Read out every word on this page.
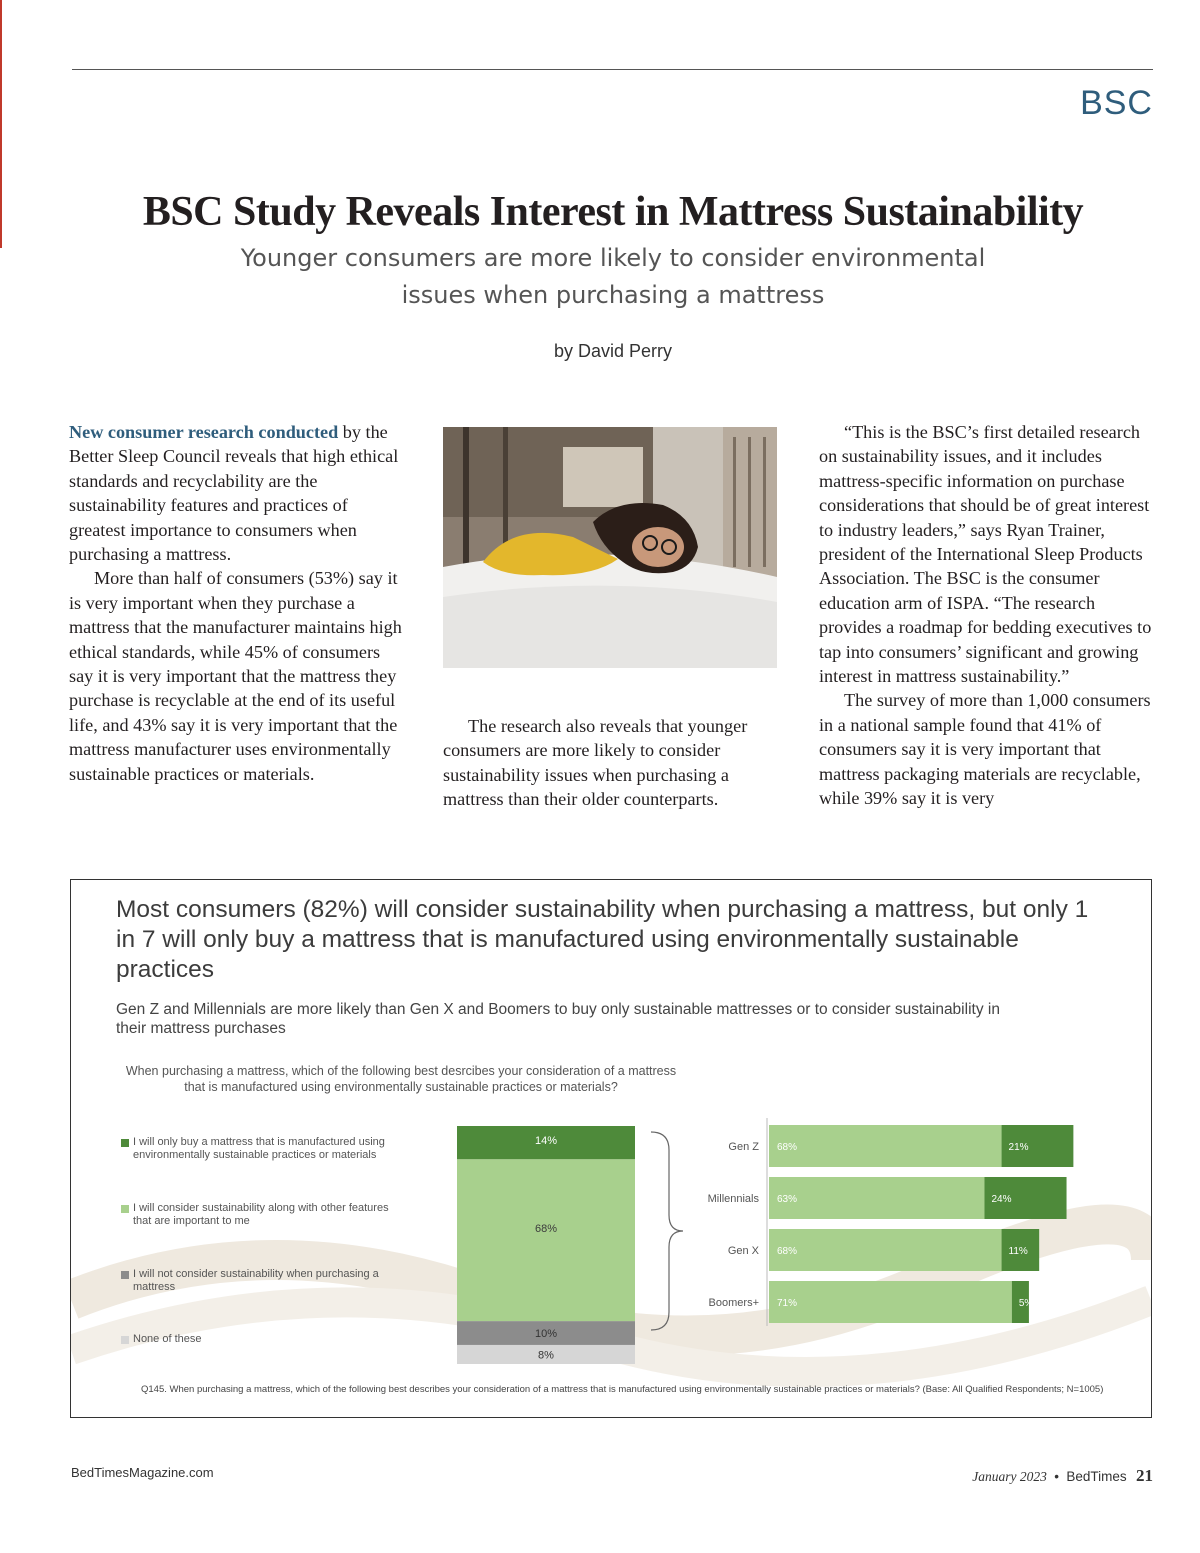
BSC
BSC Study Reveals Interest in Mattress Sustainability
Younger consumers are more likely to consider environmental
issues when purchasing a mattress
by David Perry

New consumer research conducted by the Better Sleep Council reveals that high ethical standards and recyclability are the sustainability features and practices of greatest importance to consumers when purchasing a mattress.

More than half of consumers (53%) say it is very important when they purchase a mattress that the manufacturer maintains high ethical standards, while 45% of consumers say it is very important that the mattress they purchase is recyclable at the end of its useful life, and 43% say it is very important that the mattress manufacturer uses environmentally sustainable practices or materials.

The research also reveals that younger consumers are more likely to consider sustainability issues when purchasing a mattress than their older counterparts.

“This is the BSC’s first detailed research on sustainability issues, and it includes mattress-specific information on purchase considerations that should be of great interest to industry leaders,” says Ryan Trainer, president of the International Sleep Products Association. The BSC is the consumer education arm of ISPA. “The research provides a roadmap for bedding executives to tap into consumers’ significant and growing interest in mattress sustainability.”

The survey of more than 1,000 consumers in a national sample found that 41% of consumers say it is very important that mattress packaging materials are recyclable, while 39% say it is very

Most consumers (82%) will consider sustainability when purchasing a mattress, but only 1 in 7 will only buy a mattress that is manufactured using environmentally sustainable practices
Gen Z and Millennials are more likely than Gen X and Boomers to buy only sustainable mattresses or to consider sustainability in their mattress purchases
When purchasing a mattress, which of the following best desrcibes your consideration of a mattress that is manufactured using environmentally sustainable practices or materials?
I will only buy a mattress that is manufactured using environmentally sustainable practices or materials
I will consider sustainability along with other features that are important to me
I will not consider sustainability when purchasing a mattress
None of these
14%
68%
10%
8%
Gen Z 68%	21%
Millennials 63%	24%
Gen X 68%	11%
Boomers+ 71%	5%
Q145. When purchasing a mattress, which of the following best describes your consideration of a mattress that is manufactured using environmentally sustainable practices or materials? (Base: All Qualified Respondents; N=1005)
BedTimesMagazine.com	January 2023 • BedTimes 21
